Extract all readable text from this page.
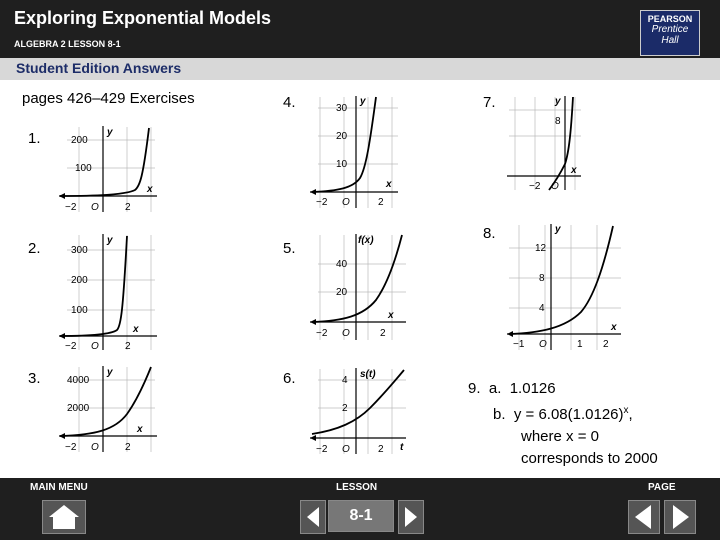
Exploring Exponential Models
ALGEBRA 2 LESSON 8-1
PEARSON
Prentice
Hall
Student Edition Answers
pages 426–429 Exercises
1.
2.
3.
4.
5.
6.
7.
8.
200
100
−2 O	2
y
x
300
200
100
−2 O	2
y
x
4000
2000
−2 O	2
y
x
30
20
10
−2 O	2
y
x
40
20
−2 O	2
f(x)
x
4
2
−2 O	2
s(t)
t
8
−2 O
y
x
12
8
4
−1 O	1 2
y
x
9. a. 1.0126
b. $y = 6.08(1.0126)^x$,
where x = 0
corresponds to 2000
MAIN MENU	LESSON
8-1
PAGE
